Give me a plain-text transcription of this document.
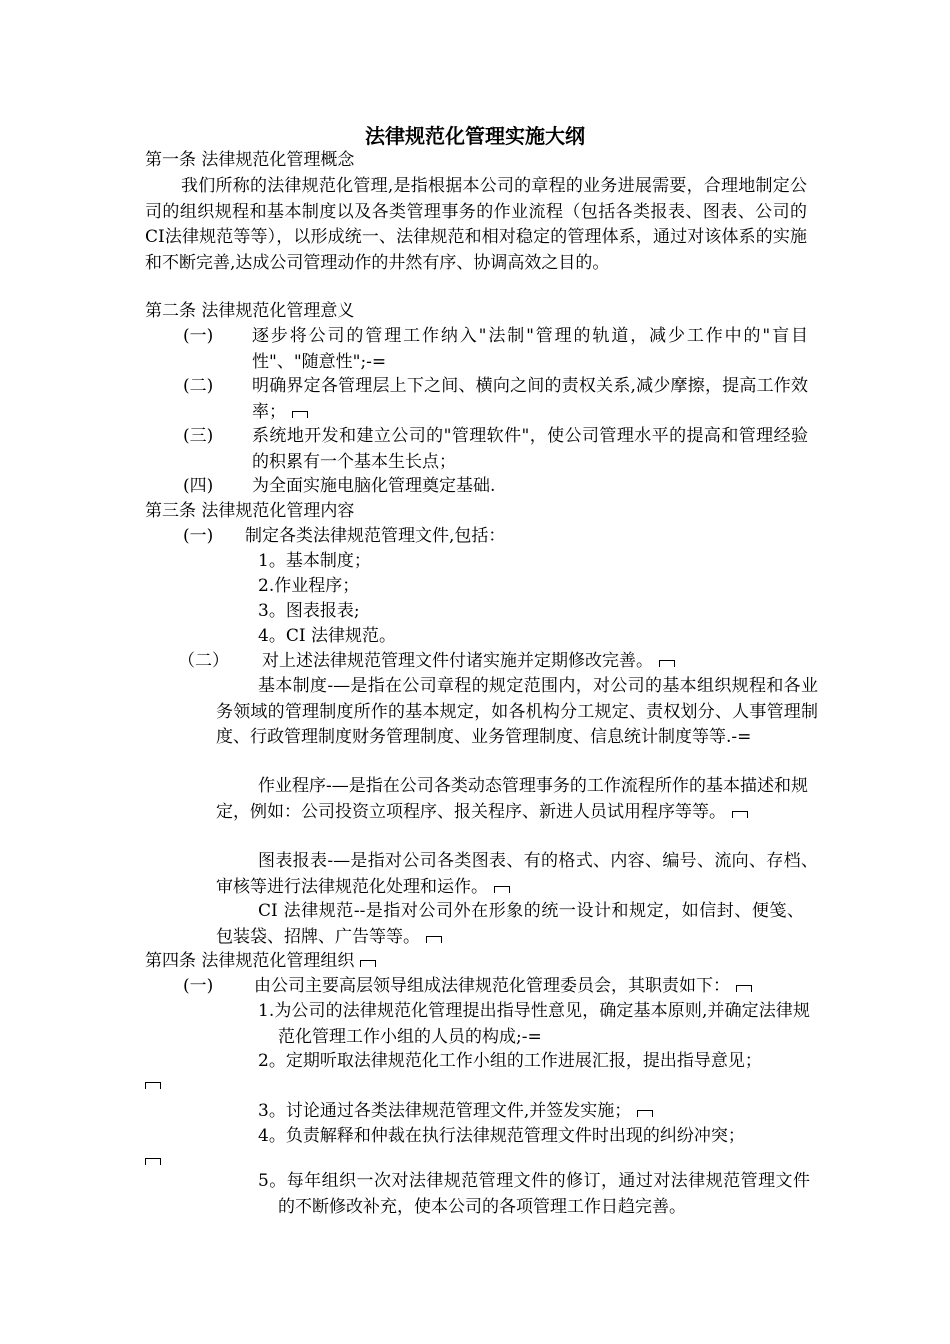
法律规范化管理实施大纲
第一条 法律规范化管理概念
我们所称的法律规范化管理,是指根据本公司的章程的业务进展需要，合理地制定公司的组织规程和基本制度以及各类管理事务的作业流程（包括各类报表、图表、公司的CI法律规范等等），以形成统一、法律规范和相对稳定的管理体系，通过对该体系的实施和不断完善,达成公司管理动作的井然有序、协调高效之目的。
第二条 法律规范化管理意义
(一) 逐步将公司的管理工作纳入"法制"管理的轨道，减少工作中的"盲目性"、"随意性";-=
(二) 明确界定各管理层上下之间、横向之间的责权关系,减少摩擦，提高工作效率；
(三) 系统地开发和建立公司的"管理软件"，使公司管理水平的提高和管理经验的积累有一个基本生长点；
(四) 为全面实施电脑化管理奠定基础.
第三条 法律规范化管理内容
(一) 制定各类法律规范管理文件,包括：
1。基本制度；
2.作业程序；
3。图表报表;
4。CI 法律规范。
（二） 对上述法律规范管理文件付诸实施并定期修改完善。
基本制度-—是指在公司章程的规定范围内，对公司的基本组织规程和各业务领域的管理制度所作的基本规定，如各机构分工规定、责权划分、人事管理制度、行政管理制度财务管理制度、业务管理制度、信息统计制度等等.-=
作业程序-—是指在公司各类动态管理事务的工作流程所作的基本描述和规定，例如：公司投资立项程序、报关程序、新进人员试用程序等等。
图表报表-—是指对公司各类图表、有的格式、内容、编号、流向、存档、审核等进行法律规范化处理和运作。
CI 法律规范--是指对公司外在形象的统一设计和规定，如信封、便笺、包装袋、招牌、广告等等。
第四条 法律规范化管理组织
(一) 由公司主要高层领导组成法律规范化管理委员会，其职责如下：
1.为公司的法律规范化管理提出指导性意见，确定基本原则,并确定法律规范化管理工作小组的人员的构成;-=
2。定期听取法律规范化工作小组的工作进展汇报，提出指导意见；
3。讨论通过各类法律规范管理文件,并签发实施；
4。负责解释和仲裁在执行法律规范管理文件时出现的纠纷冲突；
5。每年组织一次对法律规范管理文件的修订，通过对法律规范管理文件的不断修改补充，使本公司的各项管理工作日趋完善。
